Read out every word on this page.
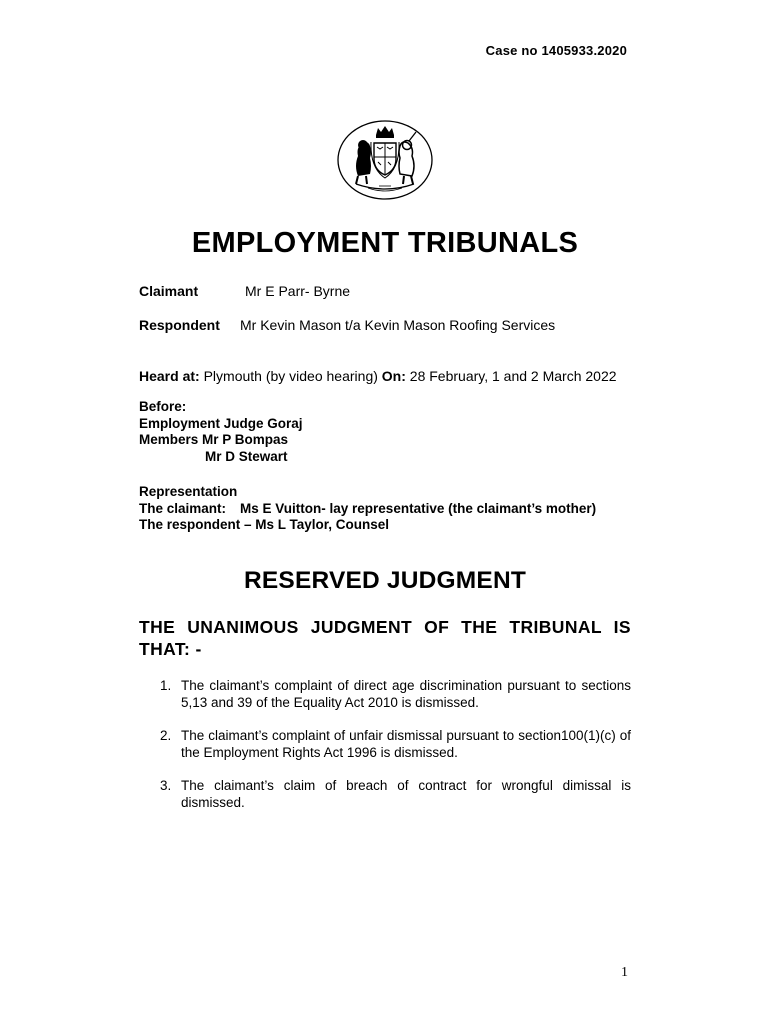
Case no 1405933.2020
EMPLOYMENT TRIBUNALS
Claimant	Mr E Parr- Byrne
Respondent Mr Kevin Mason t/a Kevin Mason Roofing Services
Heard at: Plymouth (by video hearing) On: 28 February, 1 and 2 March 2022
Before:
Employment Judge Goraj
Members Mr P Bompas
Mr D Stewart
Representation
The claimant: Ms E Vuitton- lay representative (the claimant’s mother)
The respondent – Ms L Taylor, Counsel
RESERVED JUDGMENT
THE UNANIMOUS JUDGMENT OF THE TRIBUNAL IS THAT: -
1. The claimant’s complaint of direct age discrimination pursuant to sections 5,13 and 39 of the Equality Act 2010 is dismissed.
2. The claimant’s complaint of unfair dismissal pursuant to section100(1)(c) of the Employment Rights Act 1996 is dismissed.
3. The claimant’s claim of breach of contract for wrongful dimissal is dismissed.
1
